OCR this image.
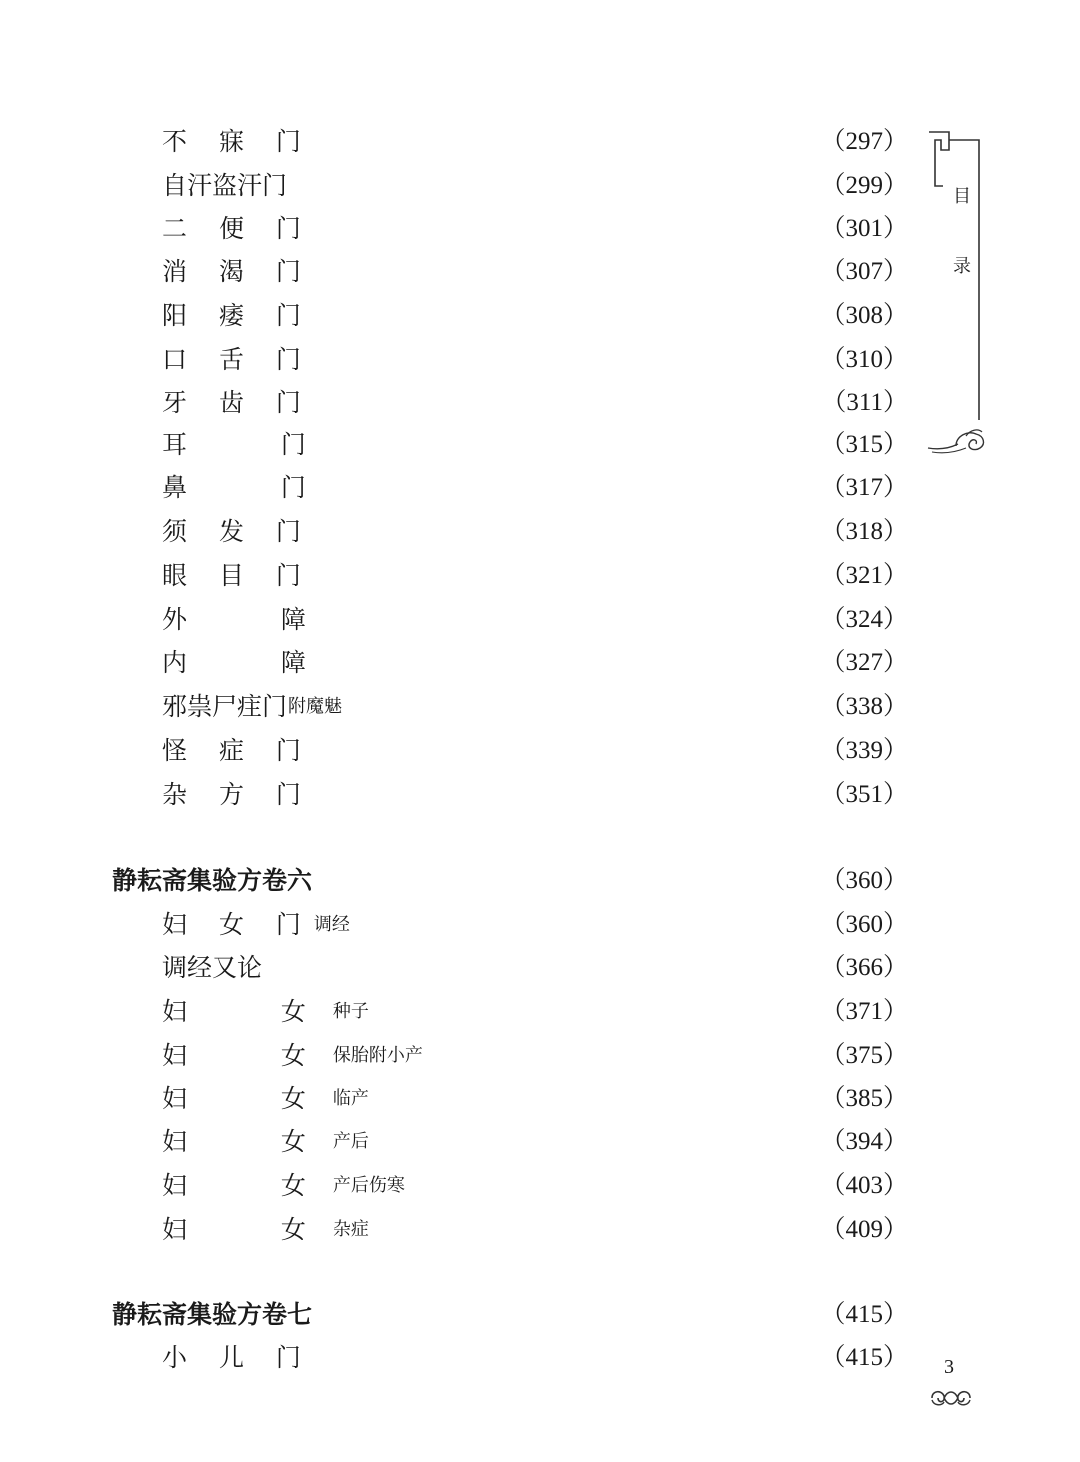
不 寐 门	（297）
自汗盗汗门	（299）
二 便 门	（301）
消 渴 门	（307）
阳 痿 门	（308）
口 舌 门	（310）
牙 齿 门	（311）
耳  门	（315）
鼻  门	（317）
须 发 门	（318）
眼 目 门	（321）
外  障	（324）
内  障	（327）
邪祟尸疰门 附魔魅	（338）
怪 症 门	（339）
杂 方 门	（351）
静耘斋集验方卷六	（360）
妇 女 门 调经	（360）
调经又论	（366）
妇  女 种子	（371）
妇  女 保胎附小产	（375）
妇  女 临产	（385）
妇  女 产后	（394）
妇  女 产后伤寒	（403）
妇  女 杂症	（409）
静耘斋集验方卷七	（415）
小 儿 门	（415）
目
录
3
